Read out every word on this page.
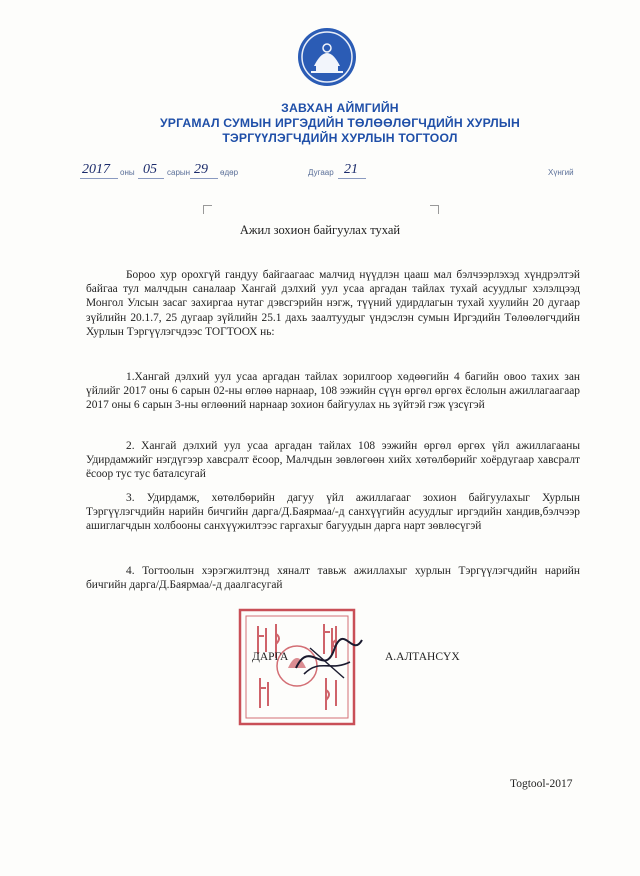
ЗАВХАН АЙМГИЙН
УРГАМАЛ СУМЫН ИРГЭДИЙН ТӨЛӨӨЛӨГЧДИЙН ХУРЛЫН
ТЭРГҮҮЛЭГЧДИЙН ХУРЛЫН ТОГТООЛ
2017 оны 05 сарын 29 өдөр	Дугаар 21	Хүнгий
Ажил зохион байгуулах тухай

Бороо хур орохгүй гандуу байгаагаас малчид нүүдлэн цааш мал бэлчээрлэхэд хүндрэлтэй байгаа тул малчдын саналаар Хангай дэлхий уул усаа аргадан тайлах тухай асуудлыг хэлэлцээд Монгол Улсын засаг захиргаа нутаг дэвсгэрийн нэгж, түүний удирдлагын тухай хуулийн 20 дугаар зүйлийн 20.1.7, 25 дугаар зүйлийн 25.1 дахь заалтуудыг үндэслэн сумын Иргэдийн Төлөөлөгчдийн Хурлын Тэргүүлэгчдээс ТОГТООХ нь:

1.Хангай дэлхий уул усаа аргадан тайлах зорилгоор хөдөөгийн 4 багийн овоо тахих зан үйлийг 2017 оны 6 сарын 02-ны өглөө нарнаар, 108 ээжийн сүүн өргөл өргөх ёслолын ажиллагаагаар 2017 оны 6 сарын 3-ны өглөөний нарнаар зохион байгуулах нь зүйтэй гэж үзсүгэй

2. Хангай дэлхий уул усаа аргадан тайлах 108 ээжийн өргөл өргөх үйл ажиллагааны Удирдамжийг нэгдүгээр хавсралт ёсоор, Малчдын зөвлөгөөн хийх хөтөлбөрийг хоёрдугаар хавсралт ёсоор тус тус баталсугай

3. Удирдамж, хөтөлбөрийн дагуу үйл ажиллагааг зохион байгуулахыг Хурлын Тэргүүлэгчдийн нарийн бичгийн дарга/Д.Баярмаа/-д санхүүгийн асуудлыг иргэдийн хандив,бэлчээр ашиглагчдын холбооны санхүүжилтээс гаргахыг багуудын дарга нарт зөвлөсүгэй

4. Тогтоолын хэрэгжилтэнд хяналт тавьж ажиллахыг хурлын Тэргүүлэгчдийн нарийн бичгийн дарга/Д.Баярмаа/-д даалгасугай

ДАРГА	А.АЛТАНСҮХ
Togtool-2017
